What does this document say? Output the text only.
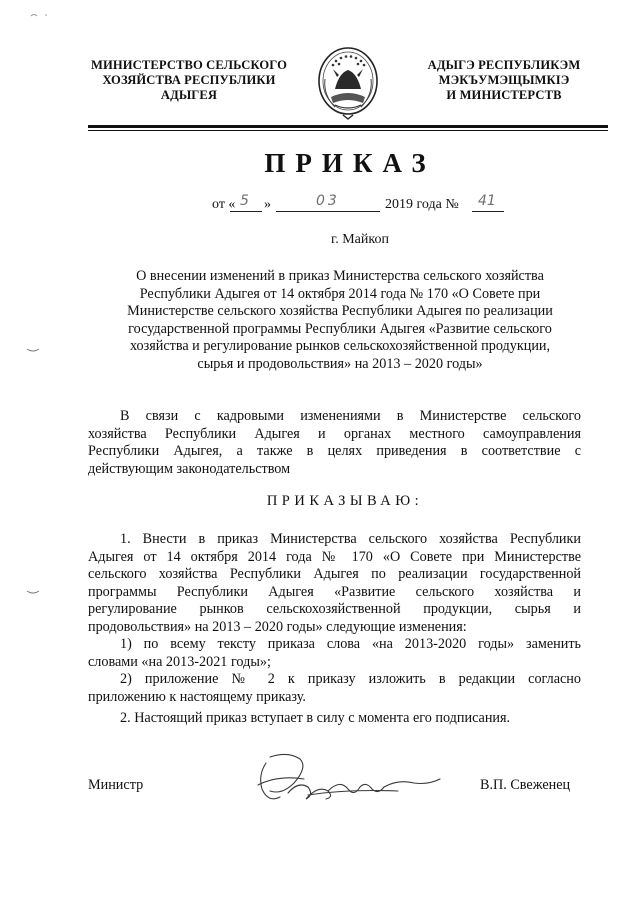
МИНИСТЕРСТВО СЕЛЬСКОГО
ХОЗЯЙСТВА РЕСПУБЛИКИ
АДЫГЕЯ
АДЫГЭ РЕСПУБЛИКЭМ
МЭКЪУМЭЩЫМКIЭ
И МИНИСТЕРСТВ
ПРИКАЗ
от « 5 »	03	2019 года № 41
г. Майкоп
О внесении изменений в приказ Министерства сельского хозяйства
Республики Адыгея от 14 октября 2014 года № 170 «О Совете при
Министерстве сельского хозяйства Республики Адыгея по реализации
государственной программы Республики Адыгея «Развитие сельского
хозяйства и регулирование рынков сельскохозяйственной продукции,
сырья и продовольствия» на 2013 – 2020 годы»
В связи с кадровыми изменениями в Министерстве сельского
хозяйства Республики Адыгея и органах местного самоуправления
Республики Адыгея, а также в целях приведения в соответствие с
действующим законодательством
ПРИКАЗЫВАЮ:
1. Внести в приказ Министерства сельского хозяйства Республики
Адыгея от 14 октября 2014 года № 170 «О Совете при Министерстве
сельского хозяйства Республики Адыгея по реализации государственной
программы Республики Адыгея «Развитие сельского хозяйства и
регулирование рынков сельскохозяйственной продукции, сырья и
продовольствия» на 2013 – 2020 годы» следующие изменения:
1) по всему тексту приказа слова «на 2013-2020 годы» заменить
словами «на 2013-2021 годы»;
2) приложение № 2 к приказу изложить в редакции согласно
приложению к настоящему приказу.
2. Настоящий приказ вступает в силу с момента его подписания.
Министр	В.П. Свеженец
